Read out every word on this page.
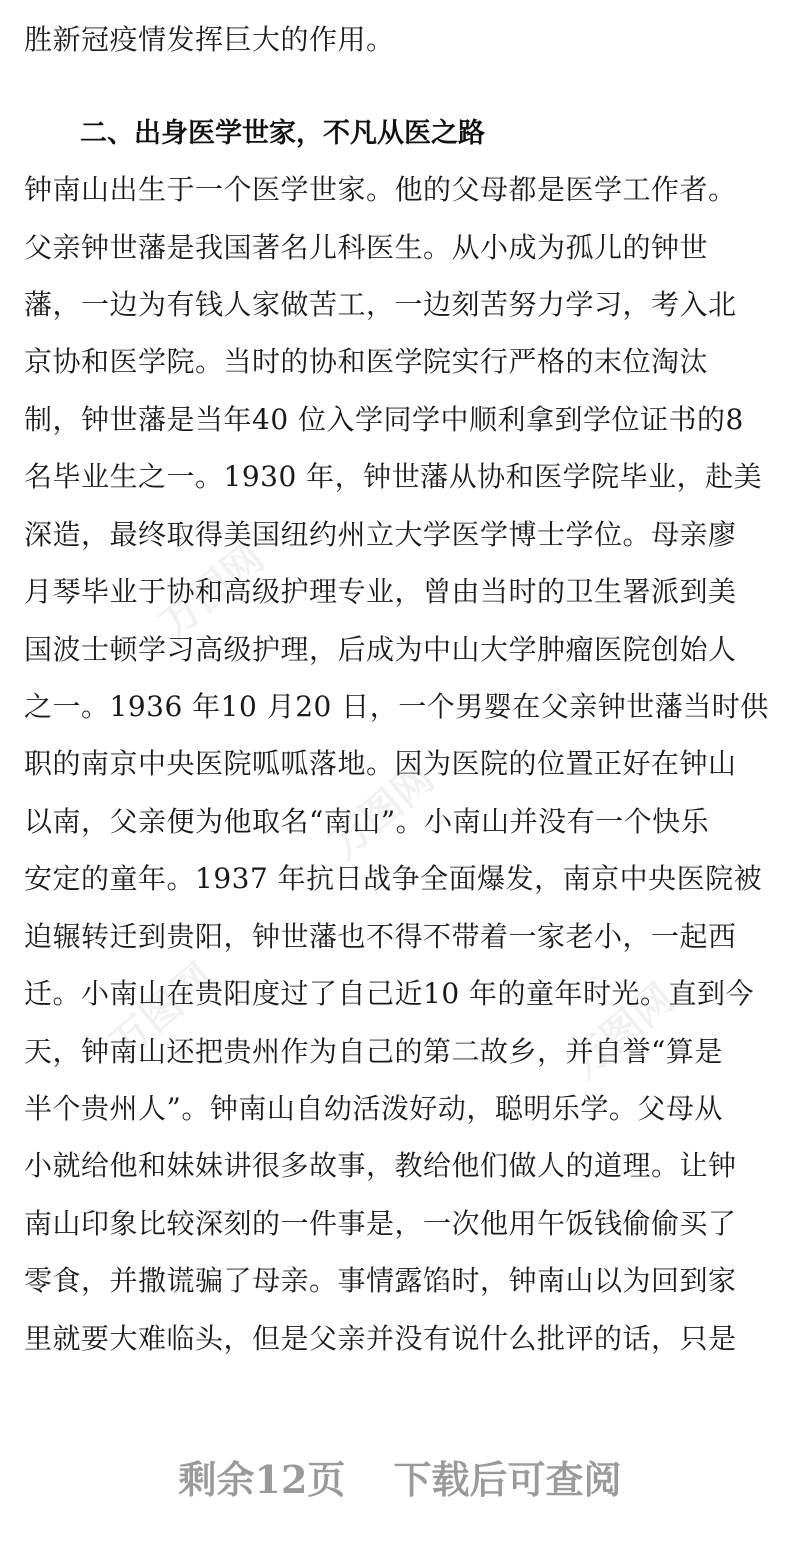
万图网
万图网
万图网	万图网
胜新冠疫情发挥巨大的作用。
二、出身医学世家，不凡从医之路
钟南山出生于一个医学世家。他的父母都是医学工作者。
父亲钟世藩是我国著名儿科医生。从小成为孤儿的钟世
藩，一边为有钱人家做苦工，一边刻苦努力学习，考入北
京协和医学院。当时的协和医学院实行严格的末位淘汰
制，钟世藩是当年40 位入学同学中顺利拿到学位证书的8
名毕业生之一。1930 年，钟世藩从协和医学院毕业，赴美
深造，最终取得美国纽约州立大学医学博士学位。母亲廖
月琴毕业于协和高级护理专业，曾由当时的卫生署派到美
国波士顿学习高级护理，后成为中山大学肿瘤医院创始人
之一。1936 年10 月20 日，一个男婴在父亲钟世藩当时供
职的南京中央医院呱呱落地。因为医院的位置正好在钟山
以南，父亲便为他取名“南山”。小南山并没有一个快乐
安定的童年。1937 年抗日战争全面爆发，南京中央医院被
迫辗转迁到贵阳，钟世藩也不得不带着一家老小，一起西
迁。小南山在贵阳度过了自己近10 年的童年时光。直到今
天，钟南山还把贵州作为自己的第二故乡，并自誉“算是
半个贵州人”。钟南山自幼活泼好动，聪明乐学。父母从
小就给他和妹妹讲很多故事，教给他们做人的道理。让钟
南山印象比较深刻的一件事是，一次他用午饭钱偷偷买了
零食，并撒谎骗了母亲。事情露馅时，钟南山以为回到家
里就要大难临头，但是父亲并没有说什么批评的话，只是
剩余12页 下载后可查阅
